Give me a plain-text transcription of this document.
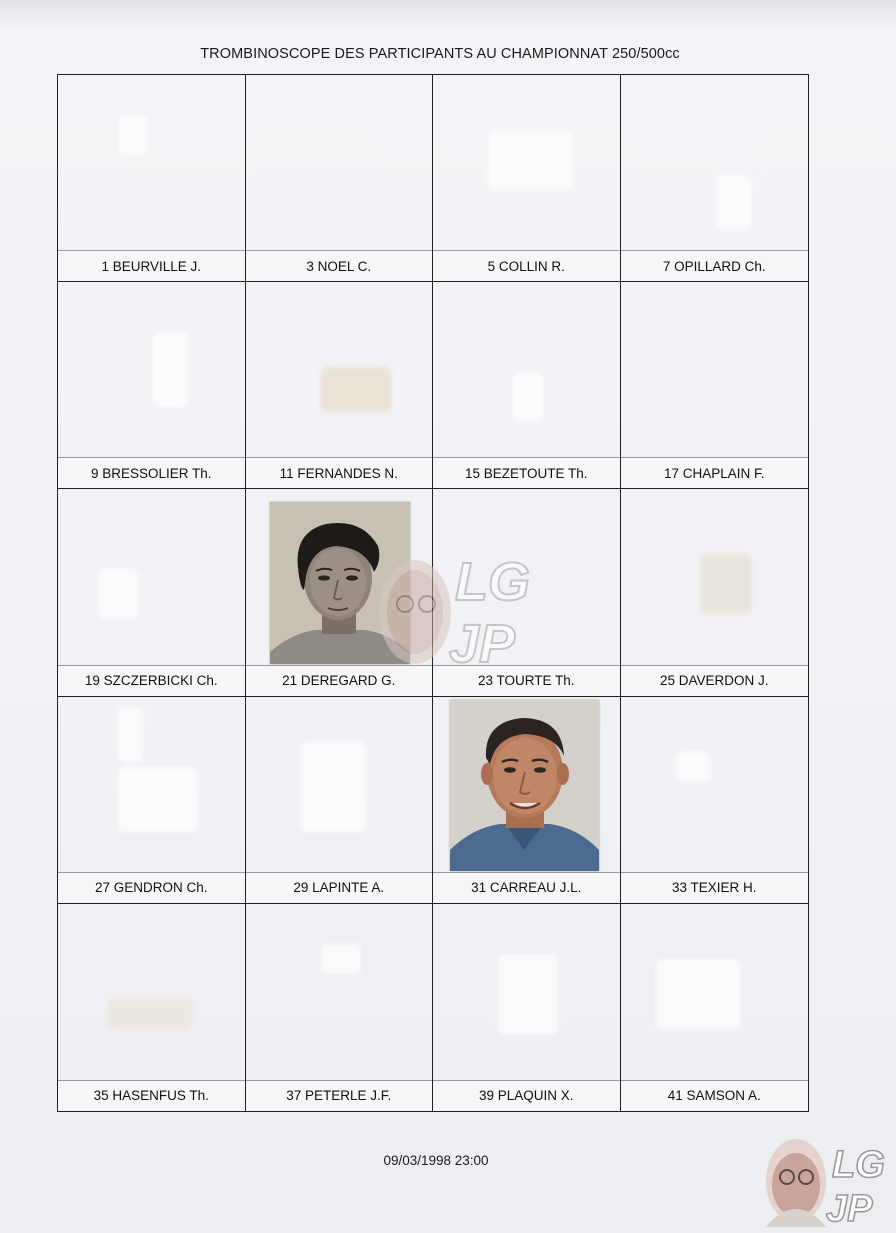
TROMBINOSCOPE DES PARTICIPANTS AU CHAMPIONNAT 250/500cc
1 BEURVILLE J.	3 NOEL C.	5 COLLIN R.	7 OPILLARD Ch.
9 BRESSOLIER Th.	11 FERNANDES N.	15 BEZETOUTE Th.	17 CHAPLAIN F.
19 SZCZERBICKI Ch.	21 DEREGARD G.	23 TOURTE Th.	25 DAVERDON J.
27 GENDRON Ch.	29 LAPINTE A.	31 CARREAU J.L.	33 TEXIER H.
35 HASENFUS Th.	37 PETERLE J.F.	39 PLAQUIN X.	41 SAMSON A.
LG
JP
09/03/1998 23:00	LG
JP
